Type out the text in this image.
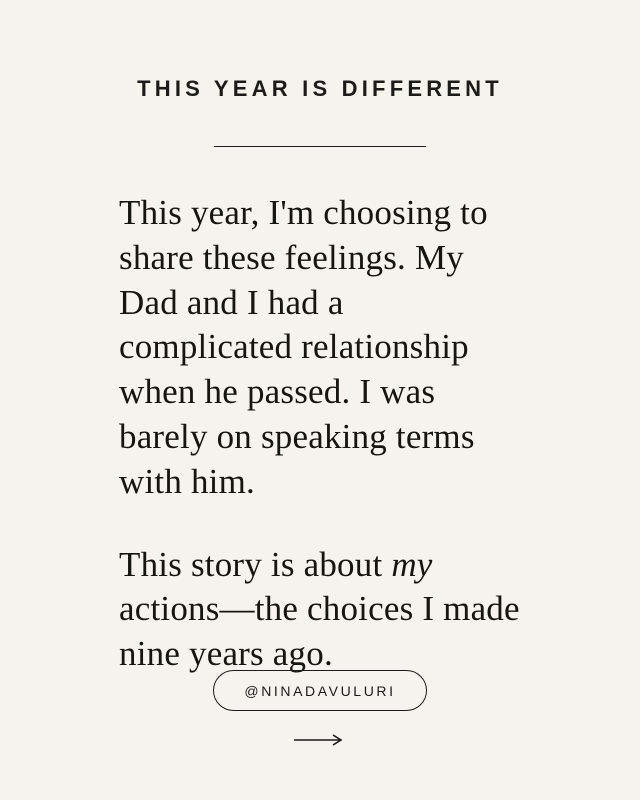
THIS YEAR IS DIFFERENT

This year, I'm choosing to share these feelings. My Dad and I had a complicated relationship when he passed. I was barely on speaking terms with him.

This story is about my actions—the choices I made nine years ago.

@NINADAVULURI
